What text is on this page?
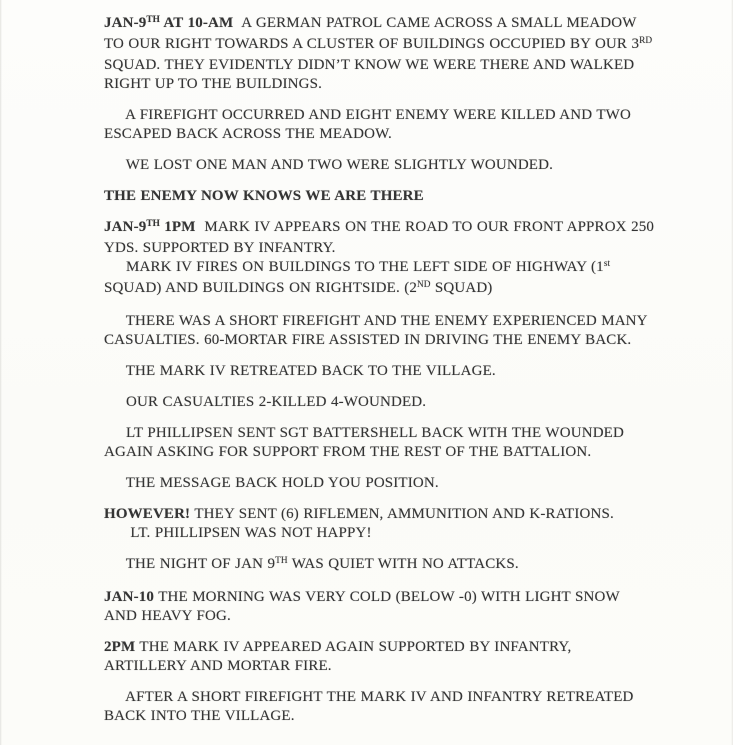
JAN-9TH AT 10-AM  A GERMAN PATROL CAME ACROSS A SMALL MEADOW
TO OUR RIGHT TOWARDS A CLUSTER OF BUILDINGS OCCUPIED BY OUR 3RD
SQUAD. THEY EVIDENTLY DIDN’T KNOW WE WERE THERE AND WALKED
RIGHT UP TO THE BUILDINGS.
A FIREFIGHT OCCURRED AND EIGHT ENEMY WERE KILLED AND TWO
ESCAPED BACK ACROSS THE MEADOW.
WE LOST ONE MAN AND TWO WERE SLIGHTLY WOUNDED.
THE ENEMY NOW KNOWS WE ARE THERE
JAN-9TH 1PM  MARK IV APPEARS ON THE ROAD TO OUR FRONT APPROX 250
YDS. SUPPORTED BY INFANTRY.
MARK IV FIRES ON BUILDINGS TO THE LEFT SIDE OF HIGHWAY (1st
SQUAD) AND BUILDINGS ON RIGHTSIDE. (2ND SQUAD)
THERE WAS A SHORT FIREFIGHT AND THE ENEMY EXPERIENCED MANY
CASUALTIES. 60-MORTAR FIRE ASSISTED IN DRIVING THE ENEMY BACK.
THE MARK IV RETREATED BACK TO THE VILLAGE.
OUR CASUALTIES 2-KILLED 4-WOUNDED.
LT PHILLIPSEN SENT SGT BATTERSHELL BACK WITH THE WOUNDED
AGAIN ASKING FOR SUPPORT FROM THE REST OF THE BATTALION.
THE MESSAGE BACK HOLD YOU POSITION.
HOWEVER! THEY SENT (6) RIFLEMEN, AMMUNITION AND K-RATIONS.
LT. PHILLIPSEN WAS NOT HAPPY!
THE NIGHT OF JAN 9TH WAS QUIET WITH NO ATTACKS.
JAN-10 THE MORNING WAS VERY COLD (BELOW -0) WITH LIGHT SNOW
AND HEAVY FOG.
2PM THE MARK IV APPEARED AGAIN SUPPORTED BY INFANTRY,
ARTILLERY AND MORTAR FIRE.
AFTER A SHORT FIREFIGHT THE MARK IV AND INFANTRY RETREATED
BACK INTO THE VILLAGE.
